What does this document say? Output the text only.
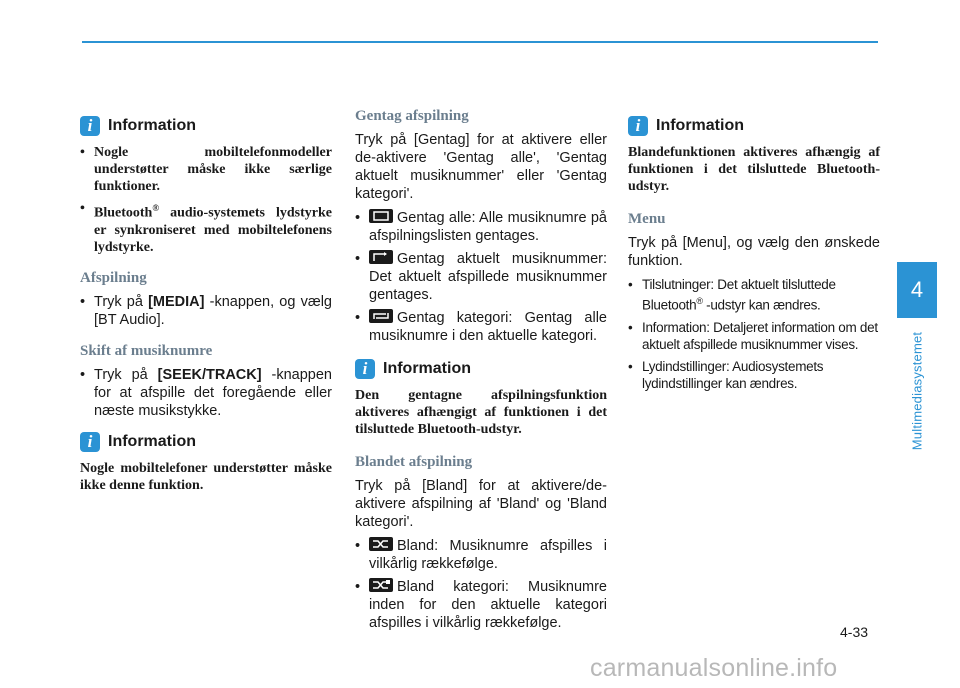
i Information
• Nogle mobiltelefonmodeller understøtter måske ikke særlige funktioner.
• Bluetooth® audio-systemets lydstyrke er synkroniseret med mobiltelefonens lydstyrke.
Afspilning
• Tryk på [MEDIA] -knappen, og vælg [BT Audio].
Skift af musiknumre
• Tryk på [SEEK/TRACK] -knappen for at afspille det foregående eller næste musikstykke.
i Information
Nogle mobiltelefoner understøtter måske ikke denne funktion.
Gentag afspilning
Tryk på [Gentag] for at aktivere eller de-aktivere 'Gentag alle', 'Gentag aktuelt musiknummer' eller 'Gentag kategori'.
• Gentag alle: Alle musiknumre på afspilningslisten gentages.
• Gentag aktuelt musiknummer: Det aktuelt afspillede musiknummer gentages.
• Gentag kategori: Gentag alle musiknumre i den aktuelle kategori.
i Information
Den gentagne afspilningsfunktion aktiveres afhængigt af funktionen i det tilsluttede Bluetooth-udstyr.
Blandet afspilning
Tryk på [Bland] for at aktivere/de-aktivere afspilning af 'Bland' og 'Bland kategori'.
• Bland: Musiknumre afspilles i vilkårlig rækkefølge.
• Bland kategori: Musiknumre inden for den aktuelle kategori afspilles i vilkårlig rækkefølge.
i Information
Blandefunktionen aktiveres afhængig af funktionen i det tilsluttede Bluetooth-udstyr.
Menu
Tryk på [Menu], og vælg den ønskede funktion.
• Tilslutninger: Det aktuelt tilsluttede Bluetooth® -udstyr kan ændres.
• Information: Detaljeret information om det aktuelt afspillede musiknummer vises.
• Lydindstillinger: Audiosystemets lydindstillinger kan ændres.
4
Multimediasystemet
4-33
carmanualsonline.info
